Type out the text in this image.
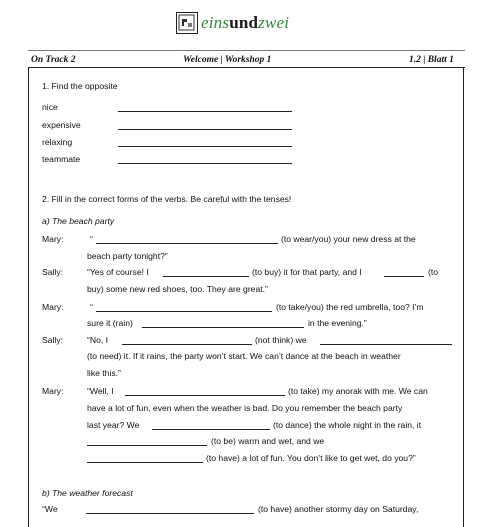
einsundzwei
On Track 2	Welcome | Workshop 1	1.2 | Blatt 1
1. Find the opposite
nice
expensive
relaxing
teammate
2. Fill in the correct forms of the verbs. Be careful with the tenses!
a) The beach party
Mary:	“	(to wear/you) your new dress at the
beach party tonight?”
Sally:	“Yes of course! I	(to buy) it for that party, and I	(to
buy) some new red shoes, too. They are great.”
Mary:	“	(to take/you) the red umbrella, too? I’m
sure it (rain)	in the evening.”
Sally:	“No, I	(not think) we
(to need) it. If it rains, the party won’t start. We can’t dance at the beach in weather
like this.”
Mary:	“Well, I	(to take) my anorak with me. We can
have a lot of fun, even when the weather is bad. Do you remember the beach party
last year? We	(to dance) the whole night in the rain, it
(to be) warm and wet, and we
(to have) a lot of fun. You don’t like to get wet, do you?”
b) The weather forecast
“We	(to have) another stormy day on Saturday,
